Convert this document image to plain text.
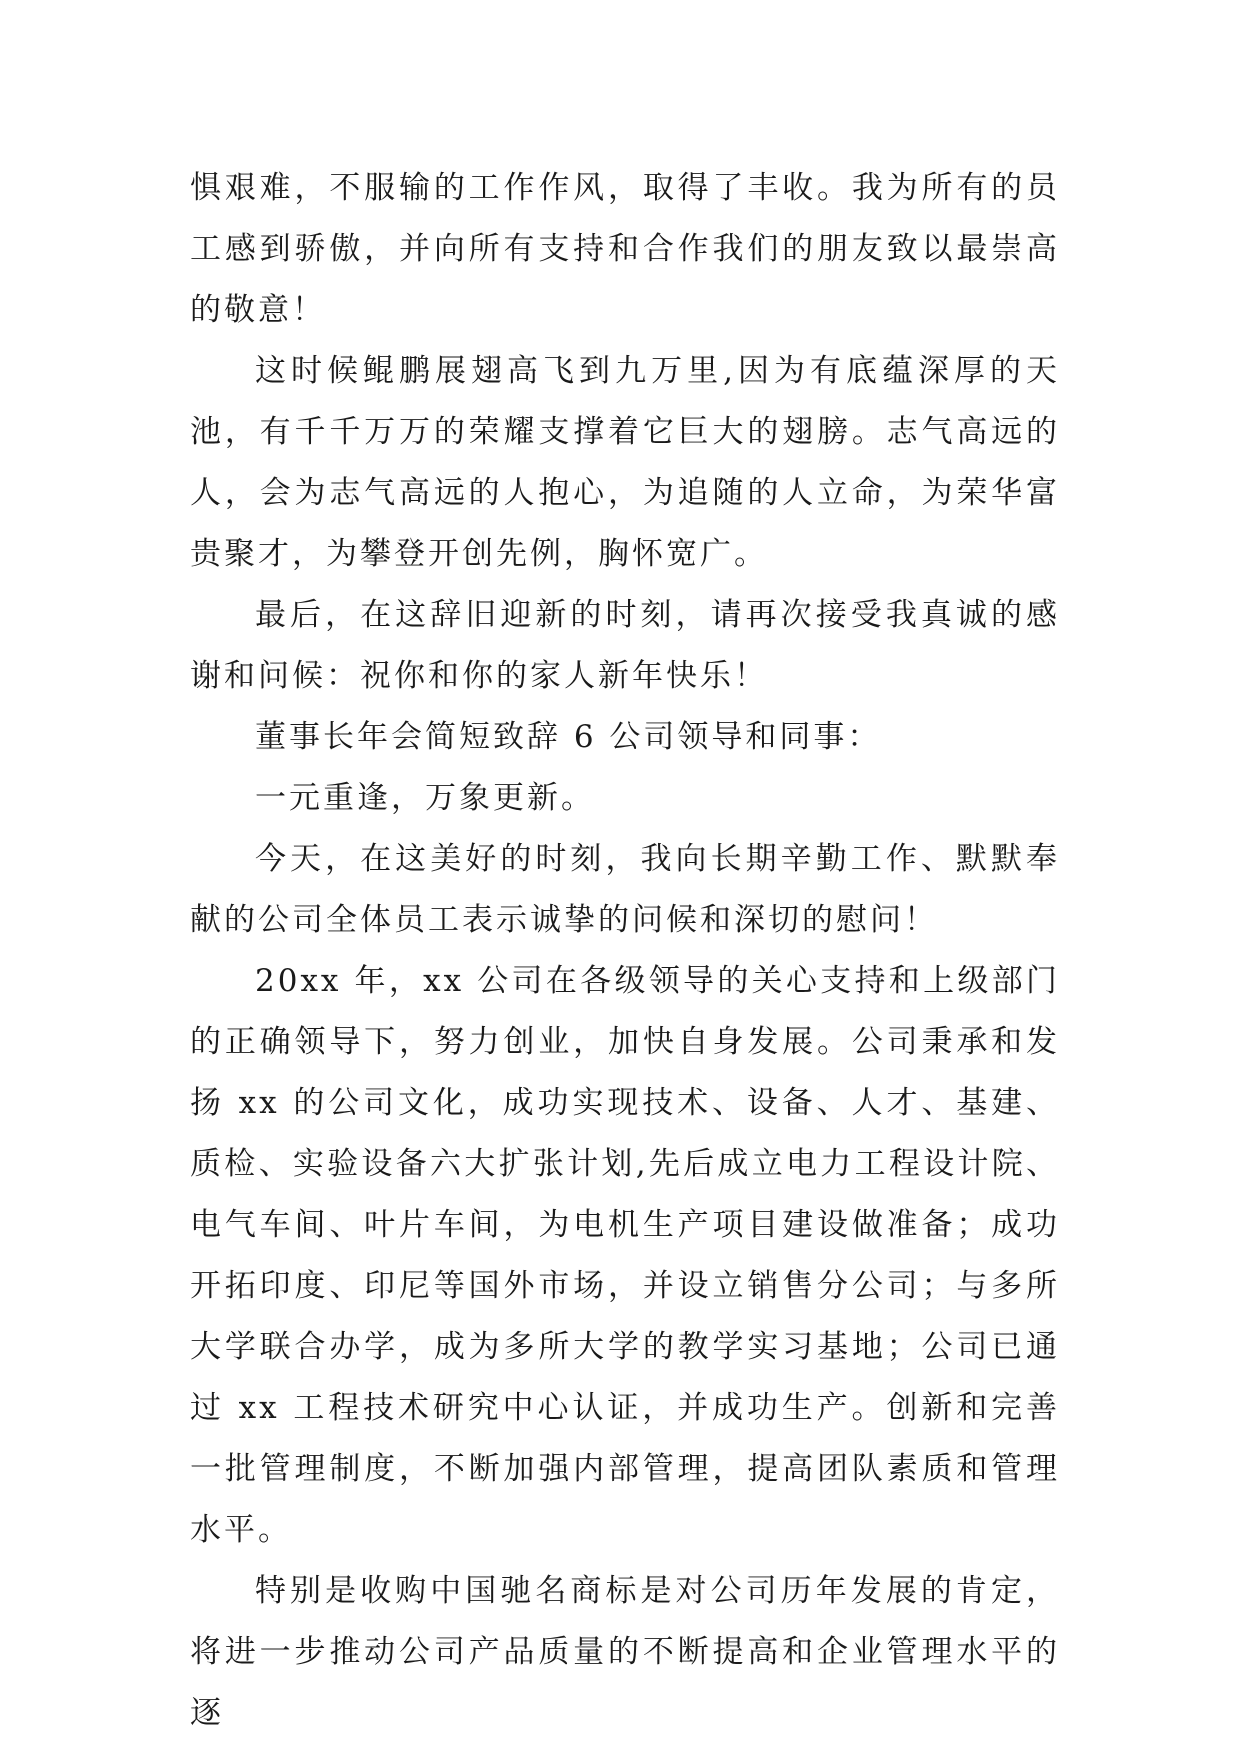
惧艰难，不服输的工作作风，取得了丰收。我为所有的员工感到骄傲，并向所有支持和合作我们的朋友致以最崇高的敬意！

这时候鲲鹏展翅高飞到九万里,因为有底蕴深厚的天池，有千千万万的荣耀支撑着它巨大的翅膀。志气高远的人，会为志气高远的人抱心，为追随的人立命，为荣华富贵聚才，为攀登开创先例，胸怀宽广。

最后，在这辞旧迎新的时刻，请再次接受我真诚的感谢和问候：祝你和你的家人新年快乐！

董事长年会简短致辞 6 公司领导和同事：

一元重逢，万象更新。

今天，在这美好的时刻，我向长期辛勤工作、默默奉献的公司全体员工表示诚挚的问候和深切的慰问！

20xx 年，xx 公司在各级领导的关心支持和上级部门的正确领导下，努力创业，加快自身发展。公司秉承和发扬 xx 的公司文化，成功实现技术、设备、人才、基建、质检、实验设备六大扩张计划,先后成立电力工程设计院、电气车间、叶片车间，为电机生产项目建设做准备；成功开拓印度、印尼等国外市场，并设立销售分公司；与多所大学联合办学，成为多所大学的教学实习基地；公司已通过 xx 工程技术研究中心认证，并成功生产。创新和完善一批管理制度，不断加强内部管理，提高团队素质和管理水平。

特别是收购中国驰名商标是对公司历年发展的肯定，将进一步推动公司产品质量的不断提高和企业管理水平的逐
